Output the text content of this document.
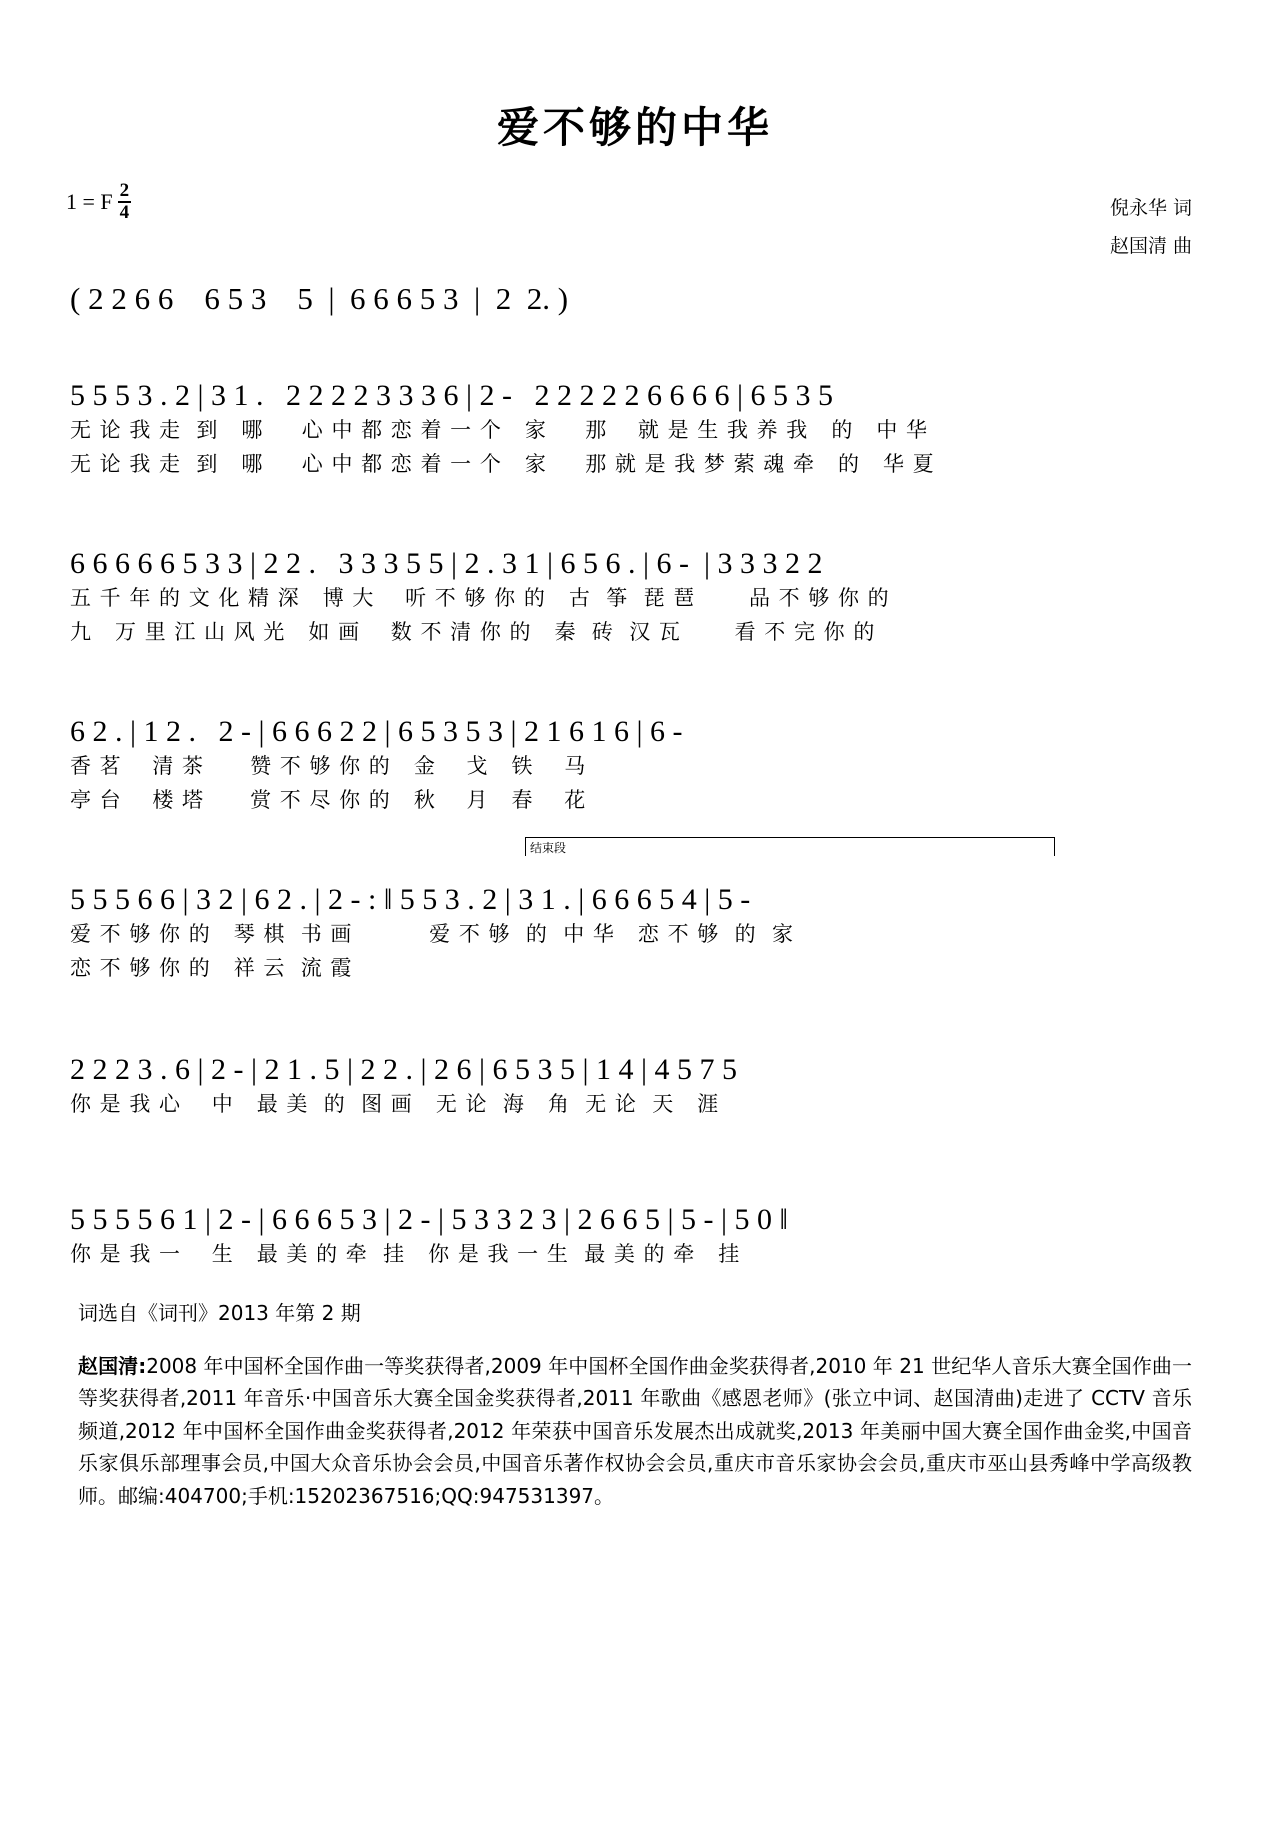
爱不够的中华
1 = F $\frac{2}{4}$	倪永华 词
赵国清 曲
( 2 2 6 6    6 5 3    5  |  6 6 6 5 3  |  2  2. )
5 5 5 3 . 2 | 3 1 .   2 2 2 2 3 3 3 6 | 2 -   2 2 2 2 2 6 6 6 6 | 6 5 3 5
无 论 我 走  到   哪     心 中 都 恋 着 一 个   家     那    就 是 生 我 养 我   的   中 华
无 论 我 走  到   哪     心 中 都 恋 着 一 个   家     那 就 是 我 梦 萦 魂 牵   的   华 夏
6 6 6 6 6 5 3 3 | 2 2 .   3 3 3 5 5 | 2 . 3 1 | 6 5 6 . | 6 -  | 3 3 3 2 2
五 千 年 的 文 化 精 深   博 大    听 不 够 你 的   古  筝  琵 琶       品 不 够 你 的
九   万 里 江 山 风 光   如 画    数 不 清 你 的   秦  砖  汉 瓦       看 不 完 你 的
6 2 . | 1 2 .   2 - | 6 6 6 2 2 | 6 5 3 5 3 | 2 1 6 1 6 | 6 -
香 茗    清 茶      赞 不 够 你 的   金    戈   铁    马
亭 台    楼 塔      赏 不 尽 你 的   秋    月   春    花
结束段
5 5 5 6 6 | 3 2 | 6 2 . | 2 - : ‖ 5 5 3 . 2 | 3 1 . | 6 6 6 5 4 | 5 -
爱 不 够 你 的   琴 棋  书 画          爱 不 够  的  中 华   恋 不 够  的  家
恋 不 够 你 的   祥 云  流 霞
2 2 2 3 . 6 | 2 - | 2 1 . 5 | 2 2 . | 2 6 | 6 5 3 5 | 1 4 | 4 5 7 5
你 是 我 心    中   最 美  的  图 画   无 论  海   角  无 论  天   涯
5 5 5 5 6 1 | 2 - | 6 6 6 5 3 | 2 - | 5 3 3 2 3 | 2 6 6 5 | 5 - | 5 0 ‖
你 是 我 一    生   最 美 的 牵  挂   你 是 我 一 生  最 美 的 牵   挂
词选自《词刊》2013 年第 2 期
赵国清:2008 年中国杯全国作曲一等奖获得者,2009 年中国杯全国作曲金奖获得者,2010 年 21 世纪华人音乐大赛全国作曲一等奖获得者,2011 年音乐·中国音乐大赛全国金奖获得者,2011 年歌曲《感恩老师》(张立中词、赵国清曲)走进了 CCTV 音乐频道,2012 年中国杯全国作曲金奖获得者,2012 年荣获中国音乐发展杰出成就奖,2013 年美丽中国大赛全国作曲金奖,中国音乐家俱乐部理事会员,中国大众音乐协会会员,中国音乐著作权协会会员,重庆市音乐家协会会员,重庆市巫山县秀峰中学高级教师。邮编:404700;手机:15202367516;QQ:947531397。
